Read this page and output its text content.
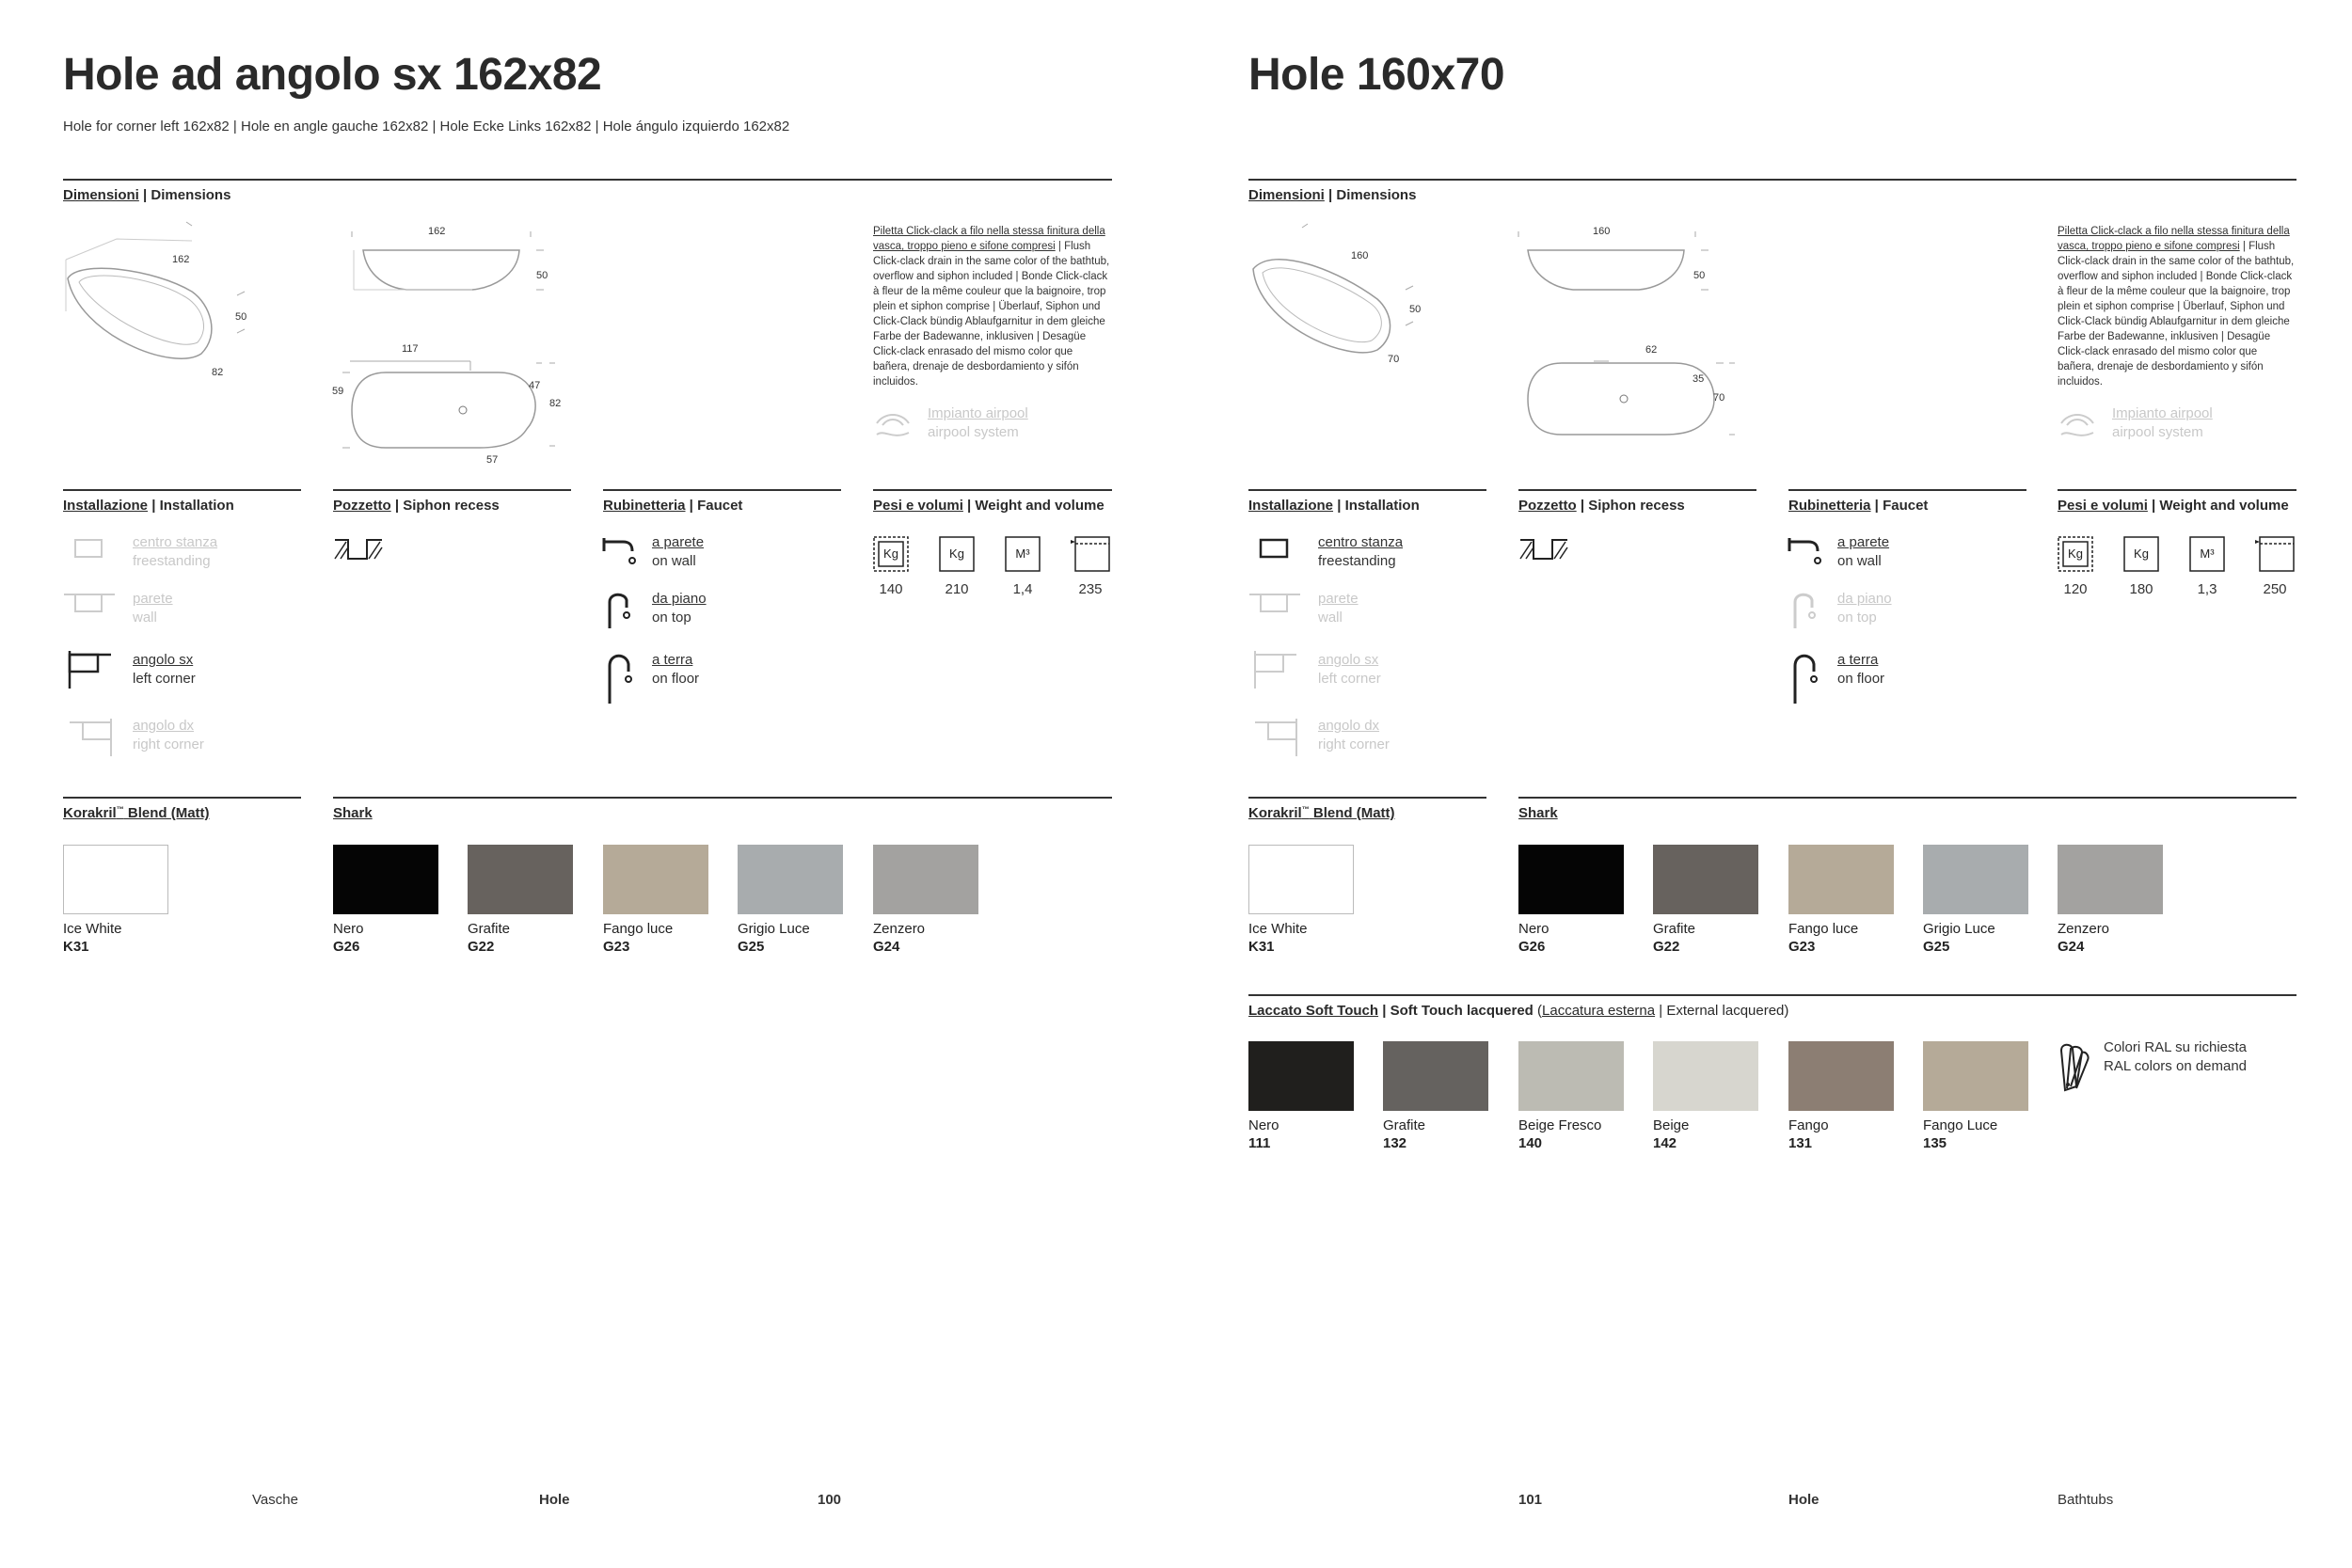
Hole ad angolo sx 162x82
Hole for corner left 162x82 | Hole en angle gauche 162x82 | Hole Ecke Links 162x82 | Hole ángulo izquierdo 162x82
Dimensioni | Dimensions
162
50
82
162
50
117
59	47
82
57
Piletta Click-clack a filo nella stessa finitura della vasca, troppo pieno e sifone compresi | Flush Click-clack drain in the same color of the bathtub, overflow and siphon included | Bonde Click-clack à fleur de la même couleur que la baignoire, trop plein et siphon comprise | Überlauf, Siphon und Click-Clack bündig Ablaufgarnitur in dem gleiche Farbe der Badewanne, inklusiven | Desagüe Click-clack enrasado del mismo color que bañera, drenaje de desbordamiento y sifón incluidos.
Impianto airpool
airpool system
Installazione | Installation	Pozzetto | Siphon recess	Rubinetteria | Faucet	Pesi e volumi | Weight and volume
centro stanza
freestanding
parete
wall
angolo sx
left corner
angolo dx
right corner
a parete
on wall
da piano
on top
a terra
on floor
Kg	Kg	M³
140	210	1,4	235
Korakril™ Blend (Matt)	Shark
Ice White
K31
Nero
G26
Grafite
G22
Fango luce
G23
Grigio Luce
G25
Zenzero
G24
Vasche	Hole	100
Hole 160x70
Dimensioni | Dimensions
160
50
70
160
50
62
35
70
Piletta Click-clack a filo nella stessa finitura della vasca, troppo pieno e sifone compresi | Flush Click-clack drain in the same color of the bathtub, overflow and siphon included | Bonde Click-clack à fleur de la même couleur que la baignoire, trop plein et siphon comprise | Überlauf, Siphon und Click-Clack bündig Ablaufgarnitur in dem gleiche Farbe der Badewanne, inklusiven | Desagüe Click-clack enrasado del mismo color que bañera, drenaje de desbordamiento y sifón incluidos.
Impianto airpool
airpool system
Installazione | Installation	Pozzetto | Siphon recess	Rubinetteria | Faucet	Pesi e volumi | Weight and volume
centro stanza
freestanding
parete
wall
angolo sx
left corner
angolo dx
right corner
a parete
on wall
da piano
on top
a terra
on floor
Kg	Kg	M³
120	180	1,3	250
Korakril™ Blend (Matt)	Shark
Ice White
K31
Nero
G26
Grafite
G22
Fango luce
G23
Grigio Luce
G25
Zenzero
G24
Laccato Soft Touch | Soft Touch lacquered (Laccatura esterna | External lacquered)
Nero
111
Grafite
132
Beige Fresco
140
Beige
142
Fango
131
Fango Luce
135
Colori RAL su richiesta
RAL colors on demand
101	Hole	Bathtubs
